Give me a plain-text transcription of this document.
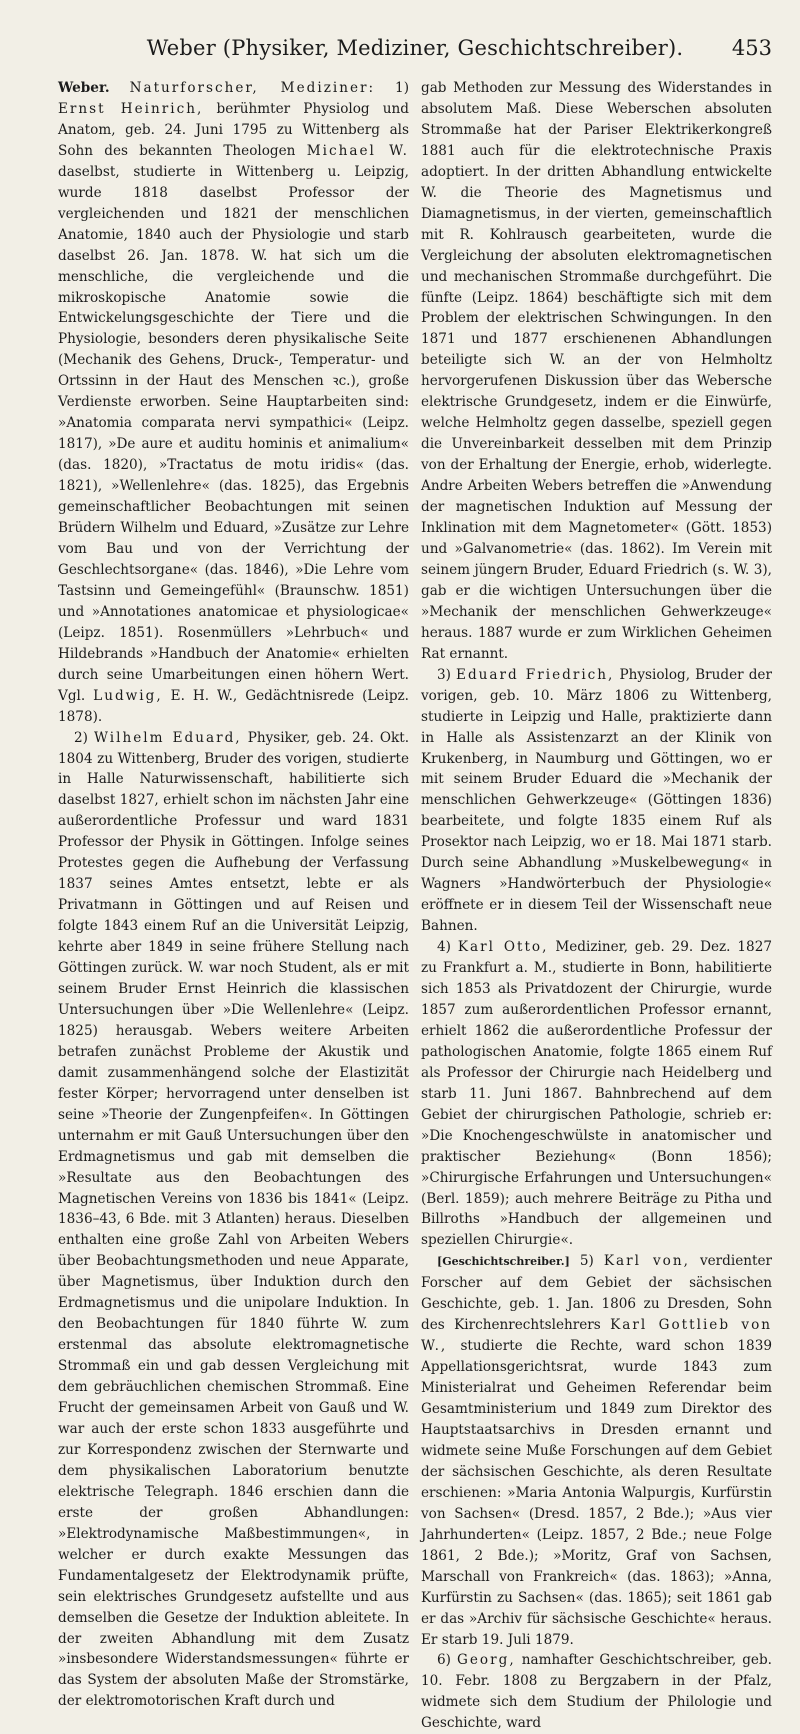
Weber (Physiker, Mediziner, Geschichtschreiber).	453

Weber. Naturforscher, Mediziner: 1) Ernst Heinrich, berühmter Physiolog und Anatom, geb. 24. Juni 1795 zu Wittenberg als Sohn des bekannten Theologen Michael W. daselbst, studierte in Wittenberg u. Leipzig, wurde 1818 daselbst Professor der vergleichenden und 1821 der menschlichen Anatomie, 1840 auch der Physiologie und starb daselbst 26. Jan. 1878. W. hat sich um die menschliche, die vergleichende und die mikroskopische Anatomie sowie die Entwickelungsgeschichte der Tiere und die Physiologie, besonders deren physikalische Seite (Mechanik des Gehens, Druck-, Temperatur- und Ortssinn in der Haut des Menschen ꝛc.), große Verdienste erworben. Seine Hauptarbeiten sind: »Anatomia comparata nervi sympathici« (Leipz. 1817), »De aure et auditu hominis et animalium« (das. 1820), »Tractatus de motu iridis« (das. 1821), »Wellenlehre« (das. 1825), das Ergebnis gemeinschaftlicher Beobachtungen mit seinen Brüdern Wilhelm und Eduard, »Zusätze zur Lehre vom Bau und von der Verrichtung der Geschlechtsorgane« (das. 1846), »Die Lehre vom Tastsinn und Gemeingefühl« (Braunschw. 1851) und »Annotationes anatomicae et physiologicae« (Leipz. 1851). Rosenmüllers »Lehrbuch« und Hildebrands »Handbuch der Anatomie« erhielten durch seine Umarbeitungen einen höhern Wert. Vgl. Ludwig, E. H. W., Gedächtnisrede (Leipz. 1878).

2) Wilhelm Eduard, Physiker, geb. 24. Okt. 1804 zu Wittenberg, Bruder des vorigen, studierte in Halle Naturwissenschaft, habilitierte sich daselbst 1827, erhielt schon im nächsten Jahr eine außerordentliche Professur und ward 1831 Professor der Physik in Göttingen. Infolge seines Protestes gegen die Aufhebung der Verfassung 1837 seines Amtes entsetzt, lebte er als Privatmann in Göttingen und auf Reisen und folgte 1843 einem Ruf an die Universität Leipzig, kehrte aber 1849 in seine frühere Stellung nach Göttingen zurück. W. war noch Student, als er mit seinem Bruder Ernst Heinrich die klassischen Untersuchungen über »Die Wellenlehre« (Leipz. 1825) herausgab. Webers weitere Arbeiten betrafen zunächst Probleme der Akustik und damit zusammenhängend solche der Elastizität fester Körper; hervorragend unter denselben ist seine »Theorie der Zungenpfeifen«. In Göttingen unternahm er mit Gauß Untersuchungen über den Erdmagnetismus und gab mit demselben die »Resultate aus den Beobachtungen des Magnetischen Vereins von 1836 bis 1841« (Leipz. 1836–43, 6 Bde. mit 3 Atlanten) heraus. Dieselben enthalten eine große Zahl von Arbeiten Webers über Beobachtungsmethoden und neue Apparate, über Magnetismus, über Induktion durch den Erdmagnetismus und die unipolare Induktion. In den Beobachtungen für 1840 führte W. zum erstenmal das absolute elektromagnetische Strommaß ein und gab dessen Vergleichung mit dem gebräuchlichen chemischen Strommaß. Eine Frucht der gemeinsamen Arbeit von Gauß und W. war auch der erste schon 1833 ausgeführte und zur Korrespondenz zwischen der Sternwarte und dem physikalischen Laboratorium benutzte elektrische Telegraph. 1846 erschien dann die erste der großen Abhandlungen: »Elektrodynamische Maßbestimmungen«, in welcher er durch exakte Messungen das Fundamentalgesetz der Elektrodynamik prüfte, sein elektrisches Grundgesetz aufstellte und aus demselben die Gesetze der Induktion ableitete. In der zweiten Abhandlung mit dem Zusatz »insbesondere Widerstandsmessungen« führte er das System der absoluten Maße der Stromstärke, der elektromotorischen Kraft durch und

gab Methoden zur Messung des Widerstandes in absolutem Maß. Diese Weberschen absoluten Strommaße hat der Pariser Elektrikerkongreß 1881 auch für die elektrotechnische Praxis adoptiert. In der dritten Abhandlung entwickelte W. die Theorie des Magnetismus und Diamagnetismus, in der vierten, gemeinschaftlich mit R. Kohlrausch gearbeiteten, wurde die Vergleichung der absoluten elektromagnetischen und mechanischen Strommaße durchgeführt. Die fünfte (Leipz. 1864) beschäftigte sich mit dem Problem der elektrischen Schwingungen. In den 1871 und 1877 erschienenen Abhandlungen beteiligte sich W. an der von Helmholtz hervorgerufenen Diskussion über das Webersche elektrische Grundgesetz, indem er die Einwürfe, welche Helmholtz gegen dasselbe, speziell gegen die Unvereinbarkeit desselben mit dem Prinzip von der Erhaltung der Energie, erhob, widerlegte. Andre Arbeiten Webers betreffen die »Anwendung der magnetischen Induktion auf Messung der Inklination mit dem Magnetometer« (Gött. 1853) und »Galvanometrie« (das. 1862). Im Verein mit seinem jüngern Bruder, Eduard Friedrich (s. W. 3), gab er die wichtigen Untersuchungen über die »Mechanik der menschlichen Gehwerkzeuge« heraus. 1887 wurde er zum Wirklichen Geheimen Rat ernannt.

3) Eduard Friedrich, Physiolog, Bruder der vorigen, geb. 10. März 1806 zu Wittenberg, studierte in Leipzig und Halle, praktizierte dann in Halle als Assistenzarzt an der Klinik von Krukenberg, in Naumburg und Göttingen, wo er mit seinem Bruder Eduard die »Mechanik der menschlichen Gehwerkzeuge« (Göttingen 1836) bearbeitete, und folgte 1835 einem Ruf als Prosektor nach Leipzig, wo er 18. Mai 1871 starb. Durch seine Abhandlung »Muskelbewegung« in Wagners »Handwörterbuch der Physiologie« eröffnete er in diesem Teil der Wissenschaft neue Bahnen.

4) Karl Otto, Mediziner, geb. 29. Dez. 1827 zu Frankfurt a. M., studierte in Bonn, habilitierte sich 1853 als Privatdozent der Chirurgie, wurde 1857 zum außerordentlichen Professor ernannt, erhielt 1862 die außerordentliche Professur der pathologischen Anatomie, folgte 1865 einem Ruf als Professor der Chirurgie nach Heidelberg und starb 11. Juni 1867. Bahnbrechend auf dem Gebiet der chirurgischen Pathologie, schrieb er: »Die Knochengeschwülste in anatomischer und praktischer Beziehung« (Bonn 1856); »Chirurgische Erfahrungen und Untersuchungen« (Berl. 1859); auch mehrere Beiträge zu Pitha und Billroths »Handbuch der allgemeinen und speziellen Chirurgie«.

[Geschichtschreiber.] 5) Karl von, verdienter Forscher auf dem Gebiet der sächsischen Geschichte, geb. 1. Jan. 1806 zu Dresden, Sohn des Kirchenrechtslehrers Karl Gottlieb von W., studierte die Rechte, ward schon 1839 Appellationsgerichtsrat, wurde 1843 zum Ministerialrat und Geheimen Referendar beim Gesamtministerium und 1849 zum Direktor des Hauptstaatsarchivs in Dresden ernannt und widmete seine Muße Forschungen auf dem Gebiet der sächsischen Geschichte, als deren Resultate erschienen: »Maria Antonia Walpurgis, Kurfürstin von Sachsen« (Dresd. 1857, 2 Bde.); »Aus vier Jahrhunderten« (Leipz. 1857, 2 Bde.; neue Folge 1861, 2 Bde.); »Moritz, Graf von Sachsen, Marschall von Frankreich« (das. 1863); »Anna, Kurfürstin zu Sachsen« (das. 1865); seit 1861 gab er das »Archiv für sächsische Geschichte« heraus. Er starb 19. Juli 1879.

6) Georg, namhafter Geschichtschreiber, geb. 10. Febr. 1808 zu Bergzabern in der Pfalz, widmete sich dem Studium der Philologie und Geschichte, ward
